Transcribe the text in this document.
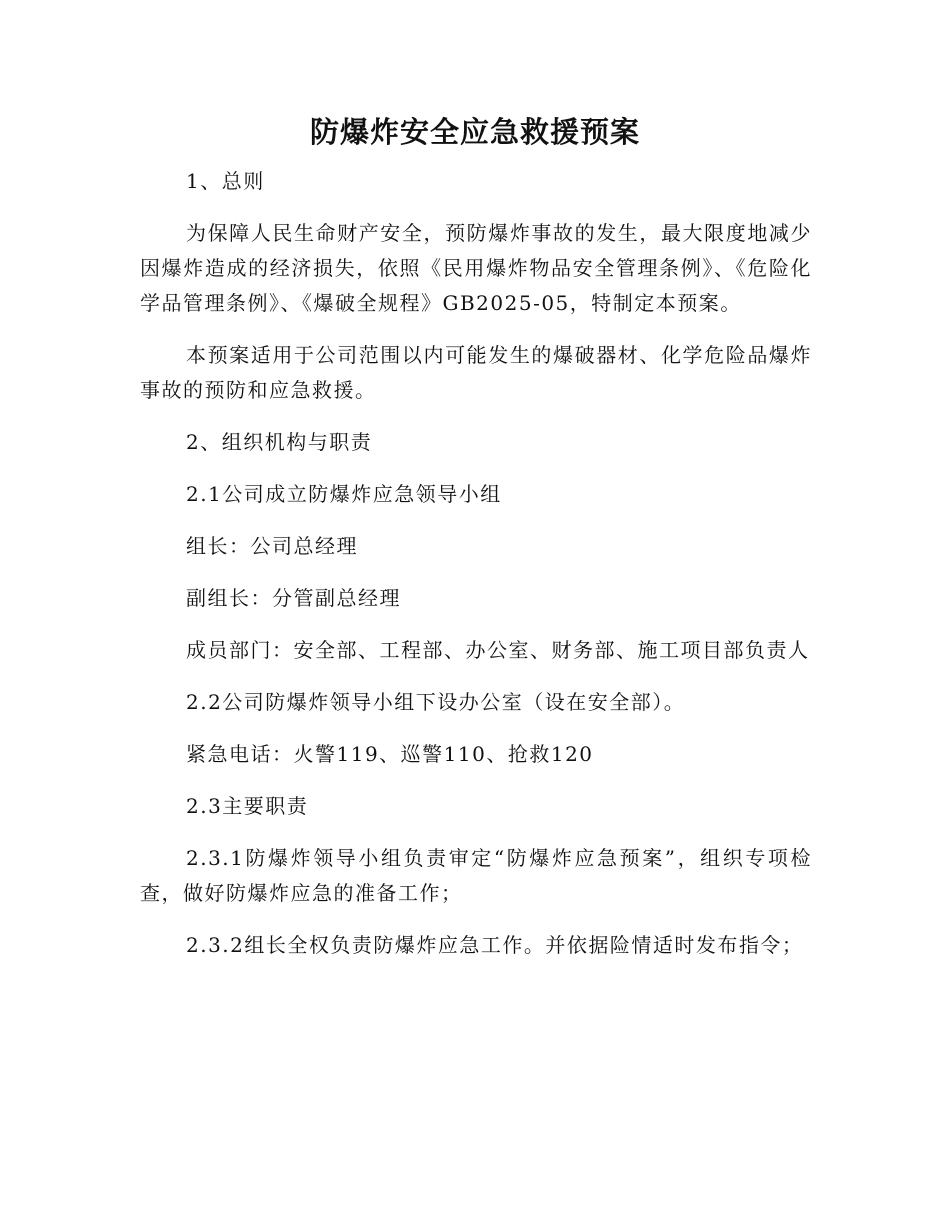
防爆炸安全应急救援预案

1、总则

为保障人民生命财产安全，预防爆炸事故的发生，最大限度地减少因爆炸造成的经济损失，依照《民用爆炸物品安全管理条例》、《危险化学品管理条例》、《爆破全规程》GB2025-05，特制定本预案。

本预案适用于公司范围以内可能发生的爆破器材、化学危险品爆炸事故的预防和应急救援。

2、组织机构与职责

2.1公司成立防爆炸应急领导小组

组长：公司总经理

副组长：分管副总经理

成员部门：安全部、工程部、办公室、财务部、施工项目部负责人

2.2公司防爆炸领导小组下设办公室（设在安全部）。

紧急电话：火警119、巡警110、抢救120

2.3主要职责

2.3.1防爆炸领导小组负责审定“防爆炸应急预案”，组织专项检查，做好防爆炸应急的准备工作；

2.3.2组长全权负责防爆炸应急工作。并依据险情适时发布指令；
